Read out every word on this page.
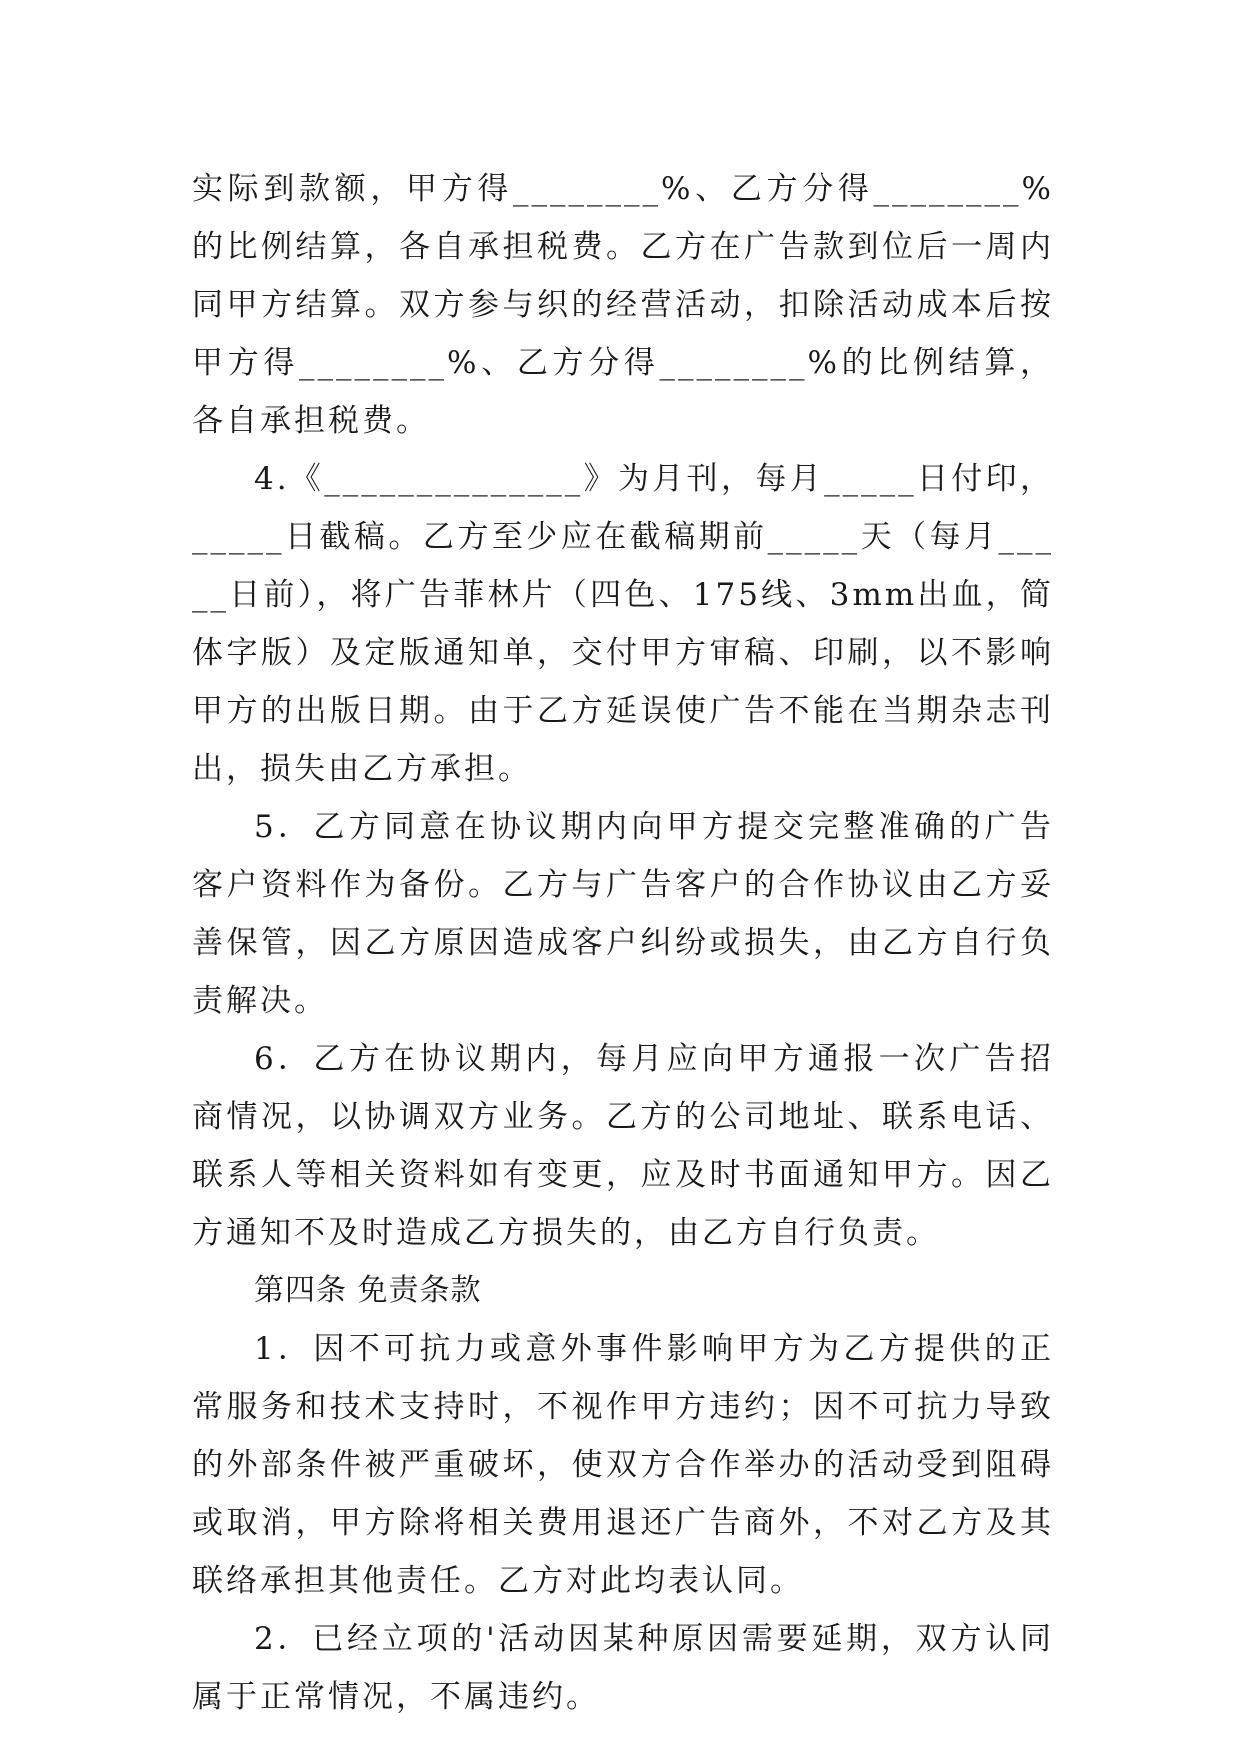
实际到款额，甲方得________%、乙方分得________%的比例结算，各自承担税费。乙方在广告款到位后一周内同甲方结算。双方参与织的经营活动，扣除活动成本后按甲方得________%、乙方分得________%的比例结算，各自承担税费。

4.《______________》为月刊，每月_____日付印，_____日截稿。乙方至少应在截稿期前_____天（每月_____日前），将广告菲林片（四色、175线、3mm出血，简体字版）及定版通知单，交付甲方审稿、印刷，以不影响甲方的出版日期。由于乙方延误使广告不能在当期杂志刊出，损失由乙方承担。

5．乙方同意在协议期内向甲方提交完整准确的广告客户资料作为备份。乙方与广告客户的合作协议由乙方妥善保管，因乙方原因造成客户纠纷或损失，由乙方自行负责解决。

6．乙方在协议期内，每月应向甲方通报一次广告招商情况，以协调双方业务。乙方的公司地址、联系电话、联系人等相关资料如有变更，应及时书面通知甲方。因乙方通知不及时造成乙方损失的，由乙方自行负责。

第四条 免责条款

1．因不可抗力或意外事件影响甲方为乙方提供的正常服务和技术支持时，不视作甲方违约；因不可抗力导致的外部条件被严重破坏，使双方合作举办的活动受到阻碍或取消，甲方除将相关费用退还广告商外，不对乙方及其联络承担其他责任。乙方对此均表认同。

2．已经立项的'活动因某种原因需要延期，双方认同属于正常情况，不属违约。
